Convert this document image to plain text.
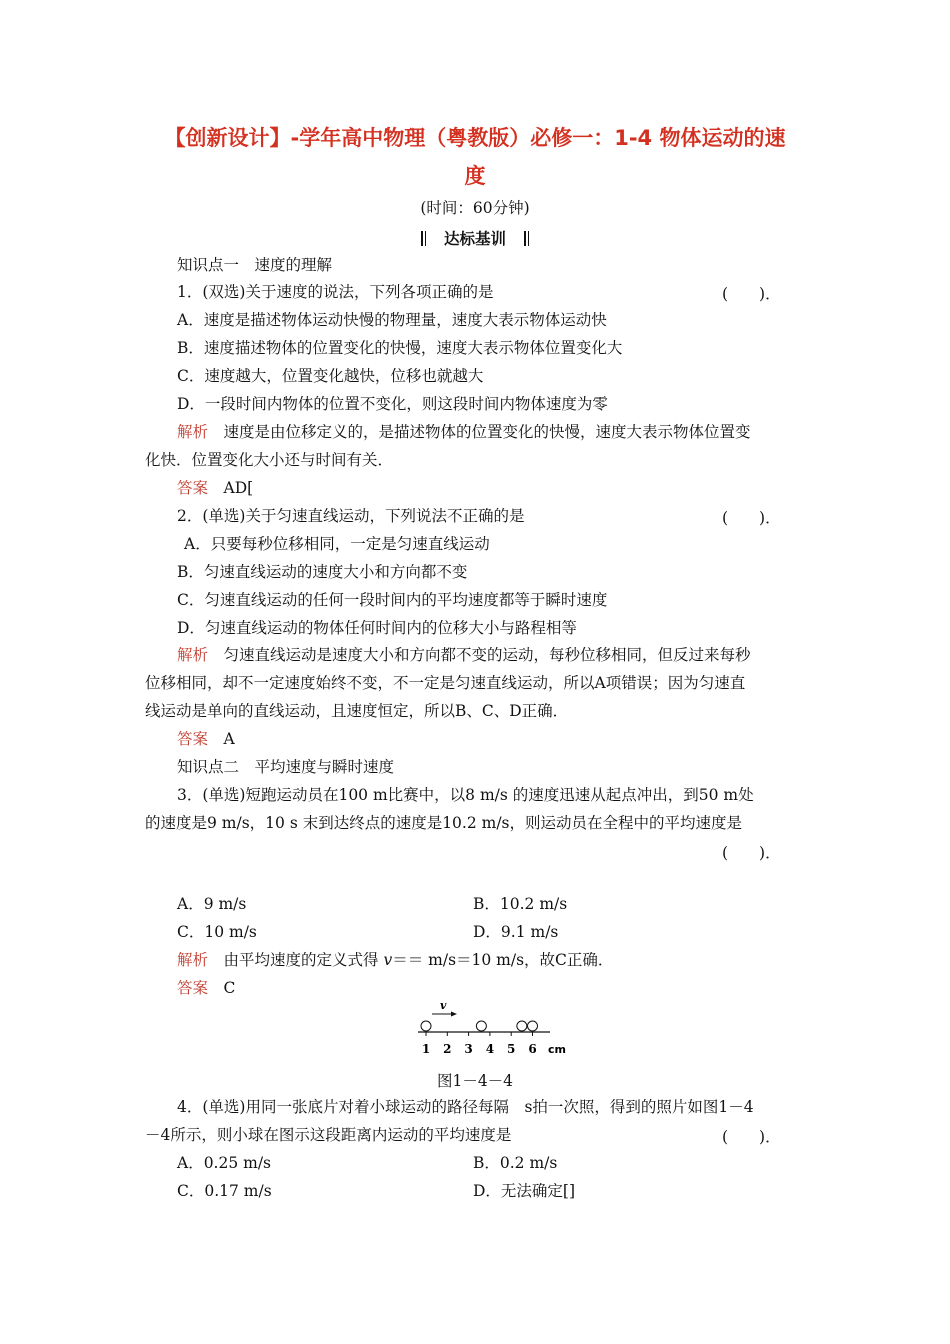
【创新设计】-学年高中物理（粤教版）必修一：1-4 物体运动的速
度
(时间：60分钟)
达标基训
知识点一　速度的理解
1．(双选)关于速度的说法，下列各项正确的是	(　　)．
A．速度是描述物体运动快慢的物理量，速度大表示物体运动快
B．速度描述物体的位置变化的快慢，速度大表示物体位置变化大
C．速度越大，位置变化越快，位移也就越大
D．一段时间内物体的位置不变化，则这段时间内物体速度为零
解析　 速度是由位移定义的，是描述物体的位置变化的快慢，速度大表示物体位置变
化快．位置变化大小还与时间有关．
答案　 AD[
2．(单选)关于匀速直线运动，下列说法不正确的是	(　　)．
A．只要每秒位移相同，一定是匀速直线运动
B．匀速直线运动的速度大小和方向都不变
C．匀速直线运动的任何一段时间内的平均速度都等于瞬时速度
D．匀速直线运动的物体任何时间内的位移大小与路程相等
解析　 匀速直线运动是速度大小和方向都不变的运动，每秒位移相同，但反过来每秒
位移相同，却不一定速度始终不变，不一定是匀速直线运动，所以A项错误；因为匀速直
线运动是单向的直线运动，且速度恒定，所以B、C、D正确．
答案　 A
知识点二　平均速度与瞬时速度
3．(单选)短跑运动员在100 m比赛中，以8 m/s 的速度迅速从起点冲出，到50 m处
的速度是9 m/s，10 s 末到达终点的速度是10.2 m/s，则运动员在全程中的平均速度是
(　　)．
A．9 m/s	B．10.2 m/s
C．10 m/s	D．9.1 m/s
解析　 由平均速度的定义式得 v＝＝ m/s＝10 m/s，故C正确．
答案　 C
v
1 2 3 4 5 6 cm
图1－4－4
4．(单选)用同一张底片对着小球运动的路径每隔　s拍一次照，得到的照片如图1－4
－4所示，则小球在图示这段距离内运动的平均速度是	(　　)．
A．0.25 m/s	B．0.2 m/s
C．0.17 m/s	D．无法确定[]
